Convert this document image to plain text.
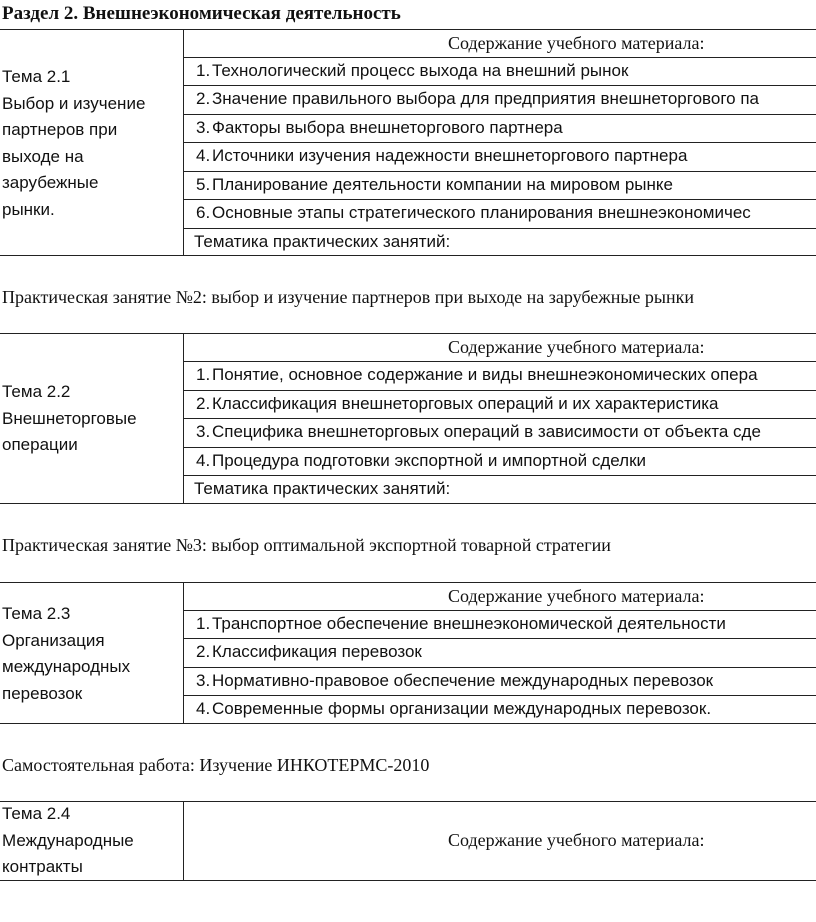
Раздел 2. Внешнеэкономическая деятельность
Тема 2.1
Выбор и изучение
партнеров при
выходе на
зарубежные
рынки.
Содержание учебного материала:
1. Технологический процесс выхода на внешний рынок
2. Значение правильного выбора для предприятия внешнеторгового па
3. Факторы выбора внешнеторгового партнера
4. Источники изучения надежности внешнеторгового партнера
5. Планирование деятельности компании на мировом рынке
6. Основные этапы стратегического планирования внешнеэкономичес
Тематика практических занятий:
Практическая занятие №2: выбор и изучение партнеров при выходе на зарубежные рынки
Тема 2.2
Внешнеторговые
операции
Содержание учебного материала:
1. Понятие, основное содержание и виды внешнеэкономических опера
2. Классификация внешнеторговых операций и их характеристика
3. Специфика внешнеторговых операций в зависимости от объекта сде
4. Процедура подготовки экспортной и импортной сделки
Тематика практических занятий:
Практическая занятие №3: выбор оптимальной экспортной товарной стратегии
Тема 2.3
Организация
международных
перевозок
Содержание учебного материала:
1. Транспортное обеспечение внешнеэкономической деятельности
2. Классификация перевозок
3. Нормативно-правовое обеспечение международных перевозок
4. Современные формы организации международных перевозок.
Самостоятельная работа: Изучение ИНКОТЕРМС-2010
Тема 2.4
Международные
контракты
Содержание учебного материала:
